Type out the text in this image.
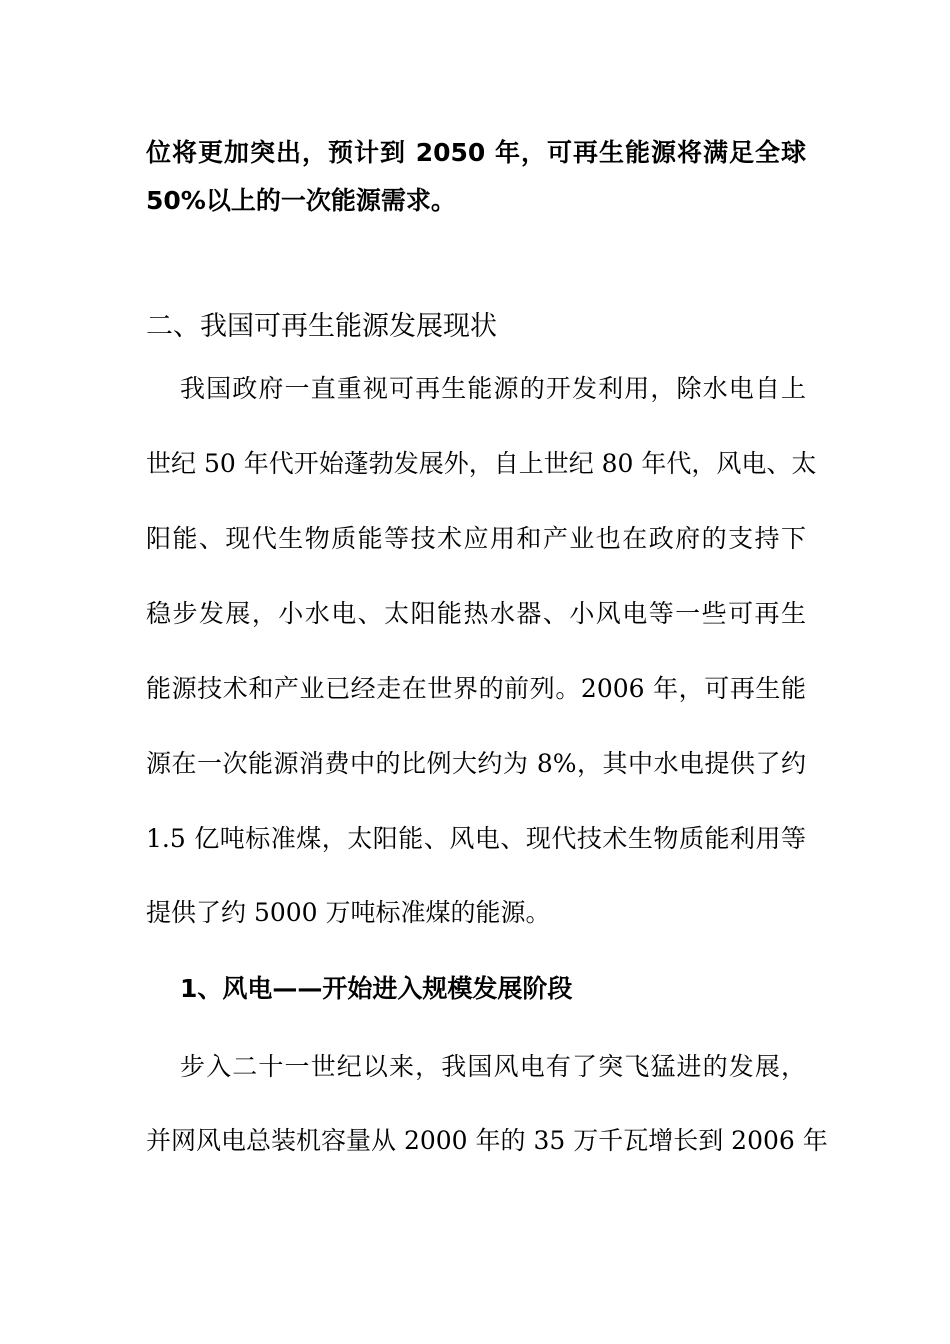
位将更加突出，预计到 2050 年，可再生能源将满足全球

50%以上的一次能源需求。

二、我国可再生能源发展现状

我国政府一直重视可再生能源的开发利用，除水电自上

世纪 50 年代开始蓬勃发展外，自上世纪 80 年代，风电、太

阳能、现代生物质能等技术应用和产业也在政府的支持下

稳步发展，小水电、太阳能热水器、小风电等一些可再生

能源技术和产业已经走在世界的前列。2006 年，可再生能

源在一次能源消费中的比例大约为 8%，其中水电提供了约

1.5 亿吨标准煤，太阳能、风电、现代技术生物质能利用等

提供了约 5000 万吨标准煤的能源。

1、风电——开始进入规模发展阶段

步入二十一世纪以来，我国风电有了突飞猛进的发展，

并网风电总装机容量从 2000 年的 35 万千瓦增长到 2006 年
